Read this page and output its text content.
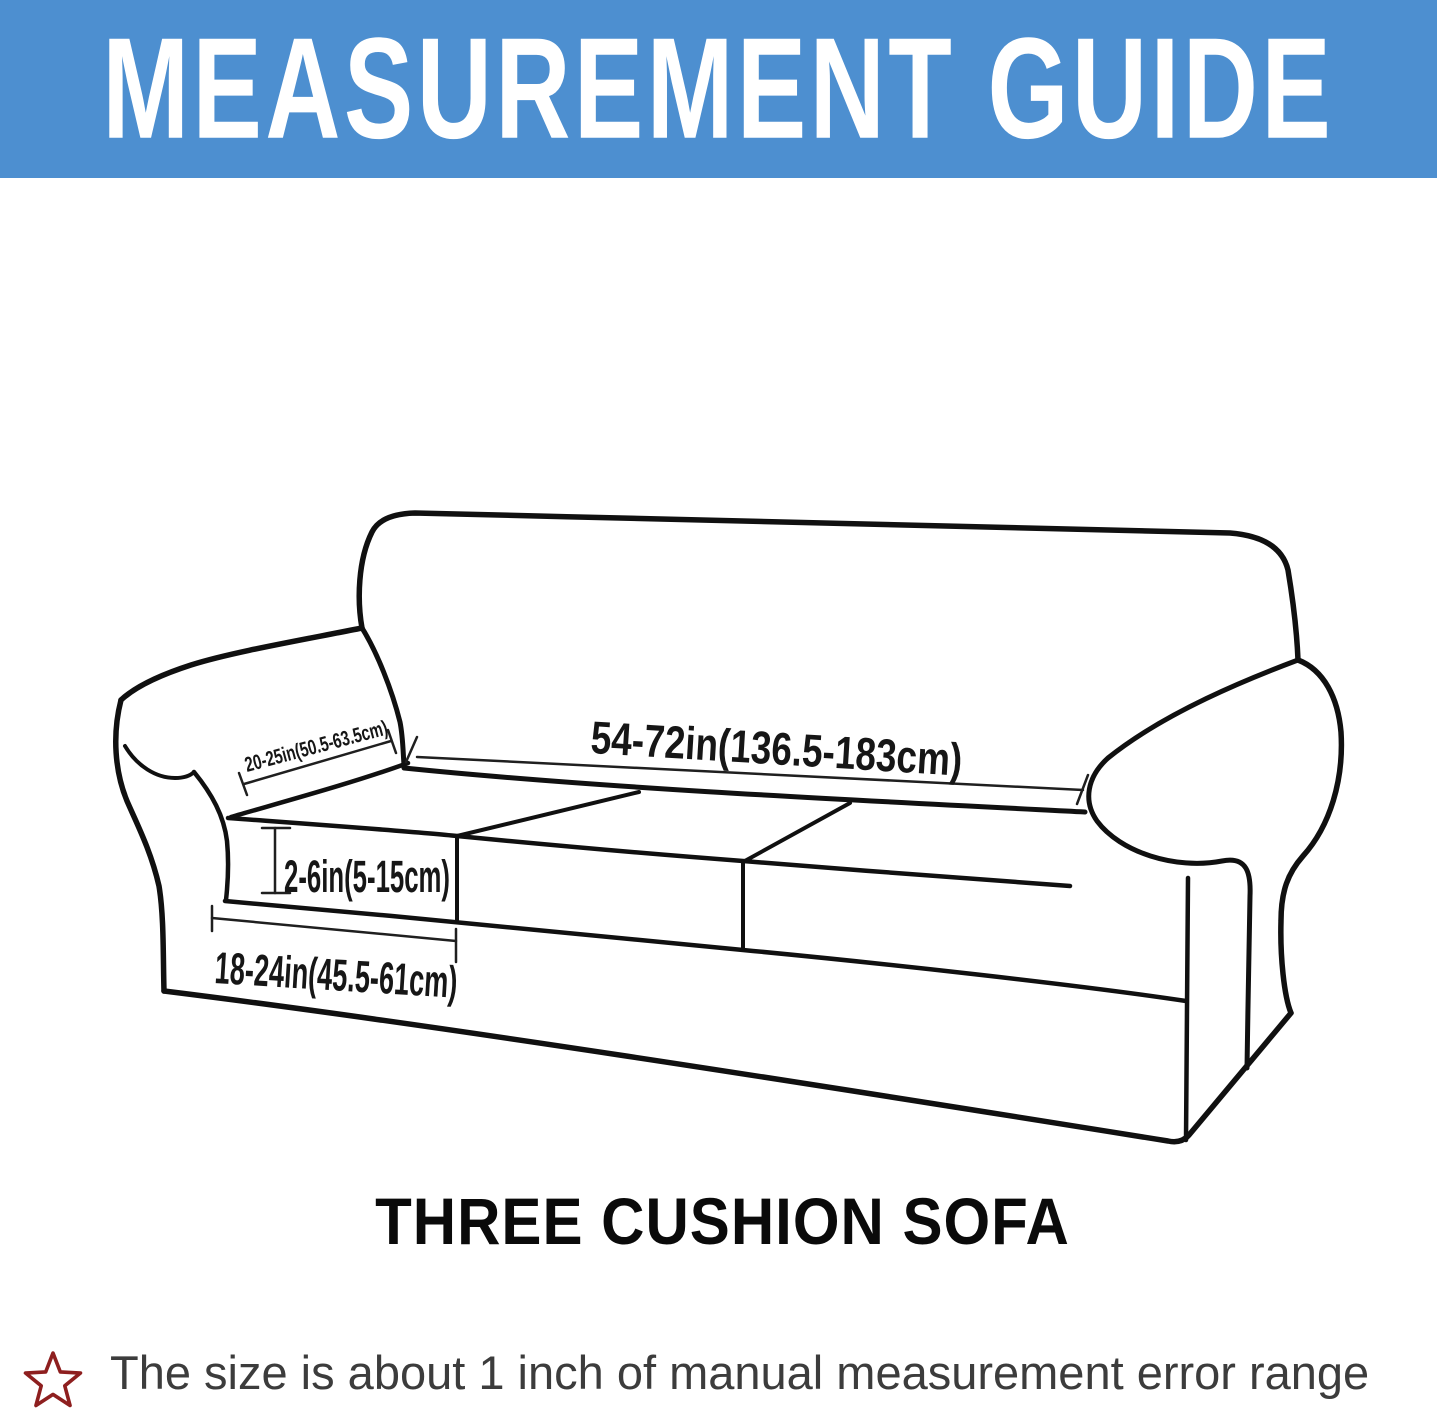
MEASUREMENT GUIDE
20-25in(50.5-63.5cm)	54-72in(136.5-183cm)
2-6in(5-15cm)
18-24in(45.5-61cm)
THREE CUSHION SOFA
The size is about 1 inch of manual measurement error range
